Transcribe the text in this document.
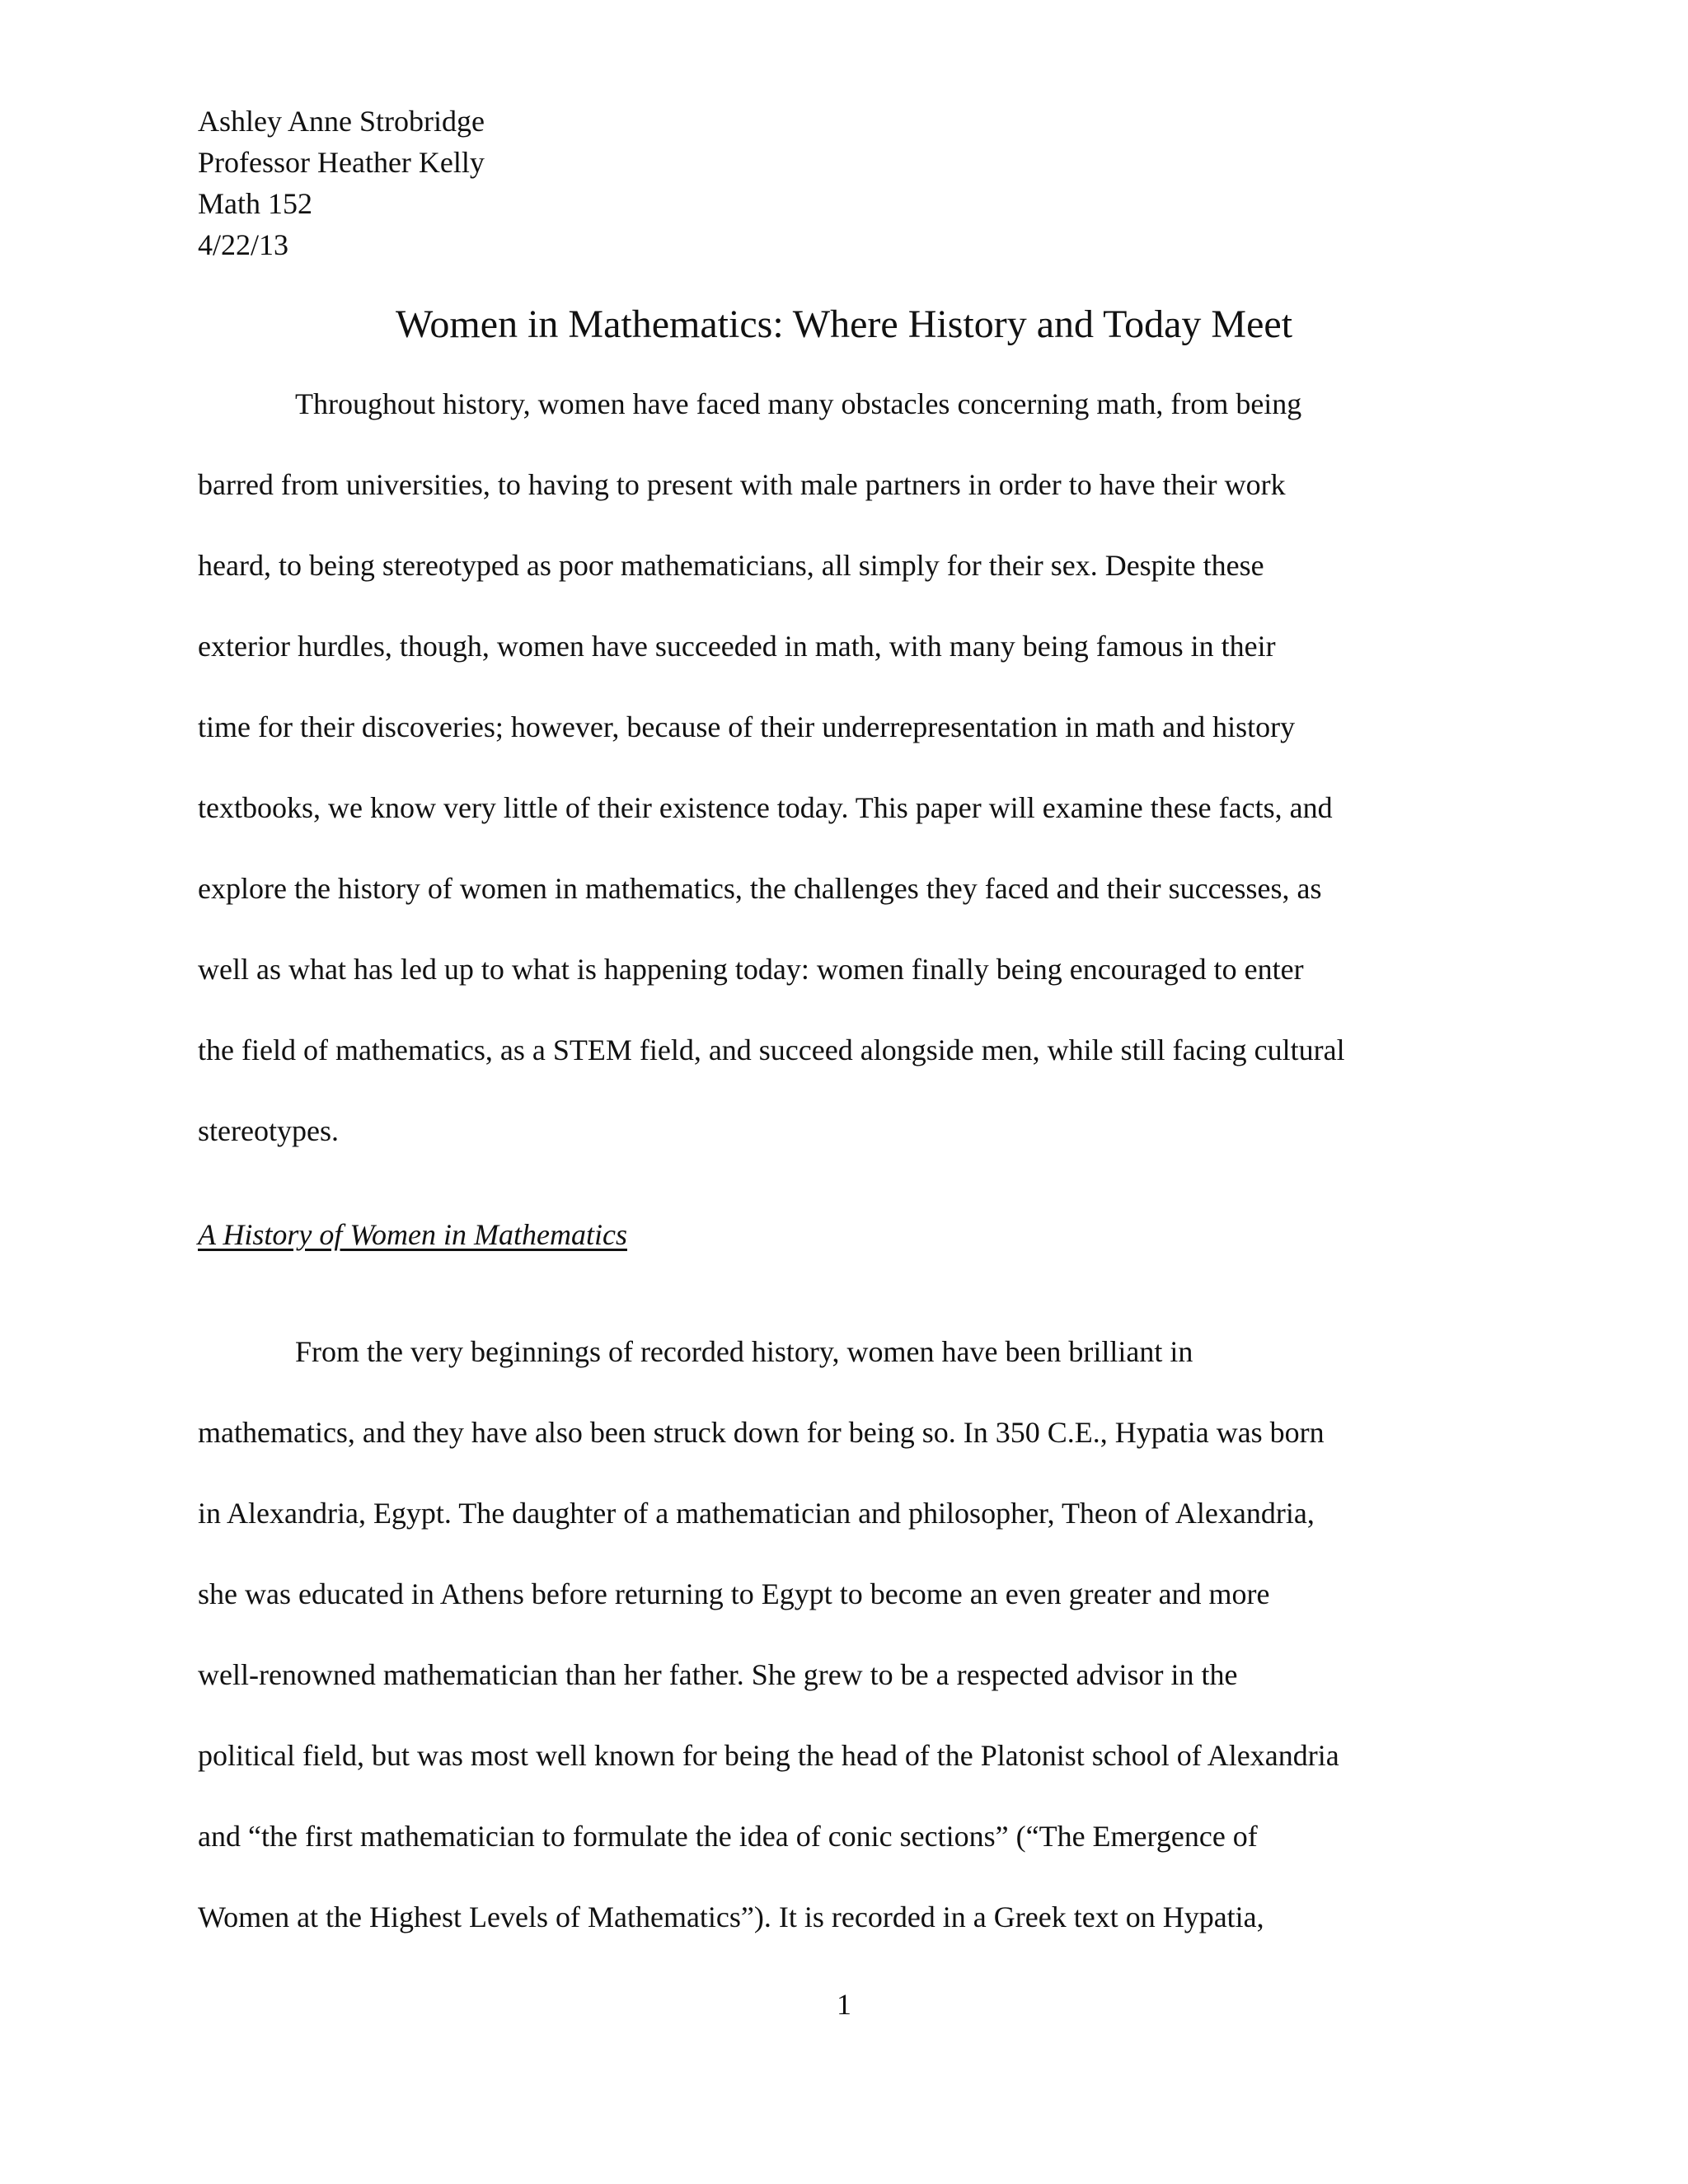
Ashley Anne Strobridge
Professor Heather Kelly
Math 152
4/22/13
Women in Mathematics: Where History and Today Meet
Throughout history, women have faced many obstacles concerning math, from being
barred from universities, to having to present with male partners in order to have their work
heard, to being stereotyped as poor mathematicians, all simply for their sex. Despite these
exterior hurdles, though, women have succeeded in math, with many being famous in their
time for their discoveries; however, because of their underrepresentation in math and history
textbooks, we know very little of their existence today. This paper will examine these facts, and
explore the history of women in mathematics, the challenges they faced and their successes, as
well as what has led up to what is happening today: women finally being encouraged to enter
the field of mathematics, as a STEM field, and succeed alongside men, while still facing cultural
stereotypes.
A History of Women in Mathematics
From the very beginnings of recorded history, women have been brilliant in
mathematics, and they have also been struck down for being so. In 350 C.E., Hypatia was born
in Alexandria, Egypt. The daughter of a mathematician and philosopher, Theon of Alexandria,
she was educated in Athens before returning to Egypt to become an even greater and more
well-renowned mathematician than her father. She grew to be a respected advisor in the
political field, but was most well known for being the head of the Platonist school of Alexandria
and “the first mathematician to formulate the idea of conic sections” (“The Emergence of
Women at the Highest Levels of Mathematics”). It is recorded in a Greek text on Hypatia,
1
